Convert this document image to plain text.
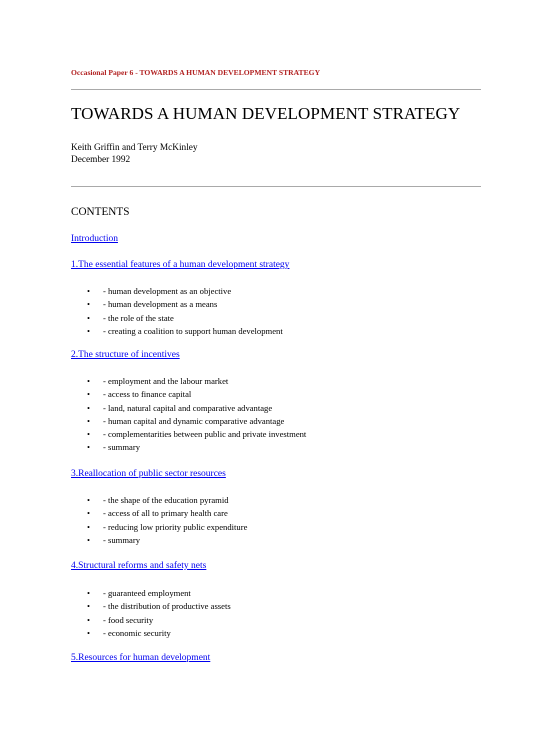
Occasional Paper 6 - TOWARDS A HUMAN DEVELOPMENT STRATEGY
TOWARDS A HUMAN DEVELOPMENT STRATEGY
Keith Griffin and Terry McKinley
December 1992
CONTENTS
Introduction
1.The essential features of a human development strategy
• - human development as an objective
• - human development as a means
• - the role of the state
• - creating a coalition to support human development
2.The structure of incentives
• - employment and the labour market
• - access to finance capital
• - land, natural capital and comparative advantage
• - human capital and dynamic comparative advantage
• - complementarities between public and private investment
• - summary
3.Reallocation of public sector resources
• - the shape of the education pyramid
• - access of all to primary health care
• - reducing low priority public expenditure
• - summary
4.Structural reforms and safety nets
• - guaranteed employment
• - the distribution of productive assets
• - food security
• - economic security
5.Resources for human development
